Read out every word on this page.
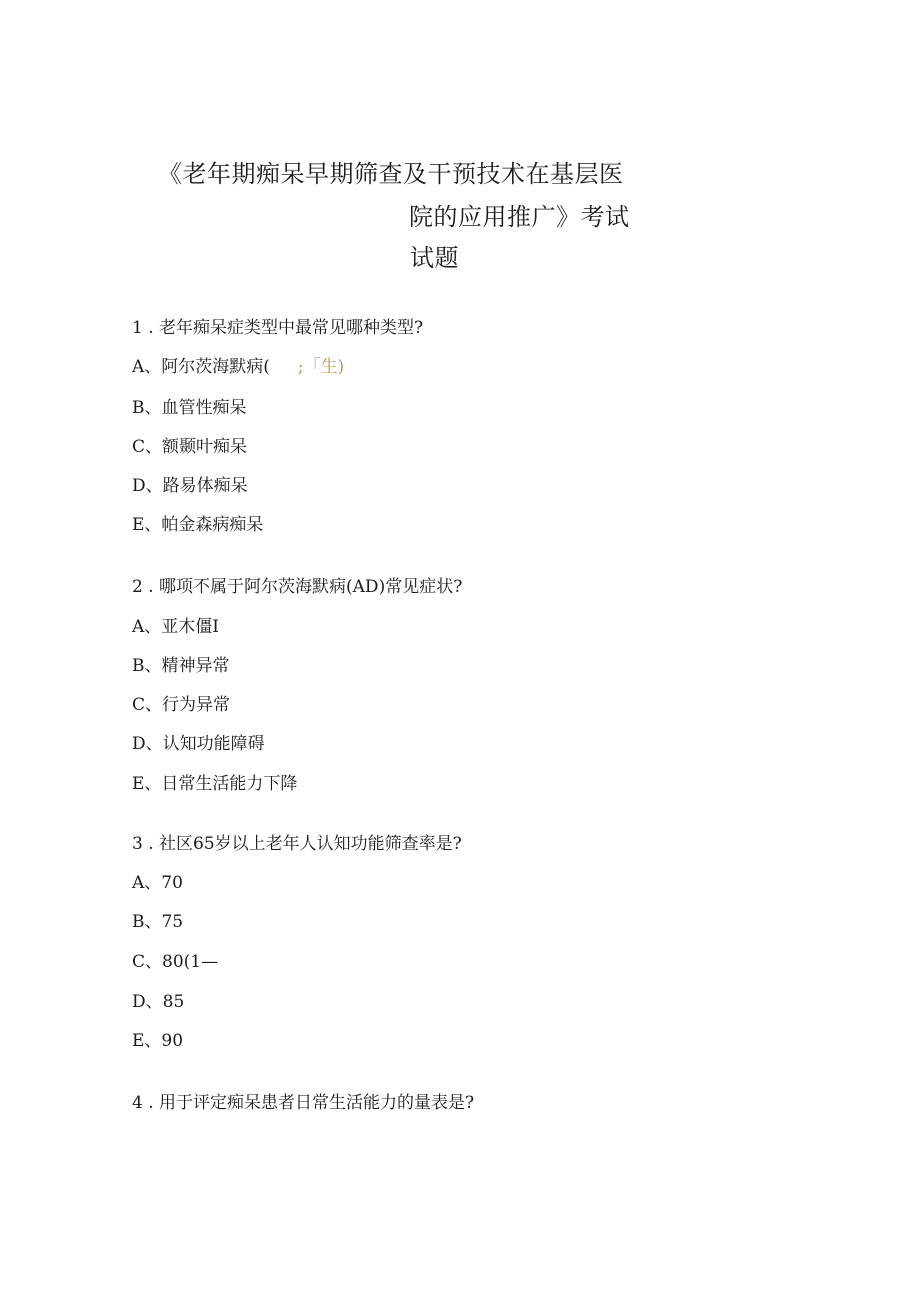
《老年期痴呆早期筛查及干预技术在基层医
院的应用推广》考试
试题
1 . 老年痴呆症类型中最常见哪种类型?
A、阿尔茨海默病( ;「生)
B、血管性痴呆
C、额颞叶痴呆
D、路易体痴呆
E、帕金森病痴呆
2 . 哪项不属于阿尔茨海默病(AD)常见症状?
A、亚木僵I
B、精神异常
C、行为异常
D、认知功能障碍
E、日常生活能力下降
3 . 社区65岁以上老年人认知功能筛查率是?
A、70
B、75
C、80(1—
D、85
E、90
4 . 用于评定痴呆患者日常生活能力的量表是?
